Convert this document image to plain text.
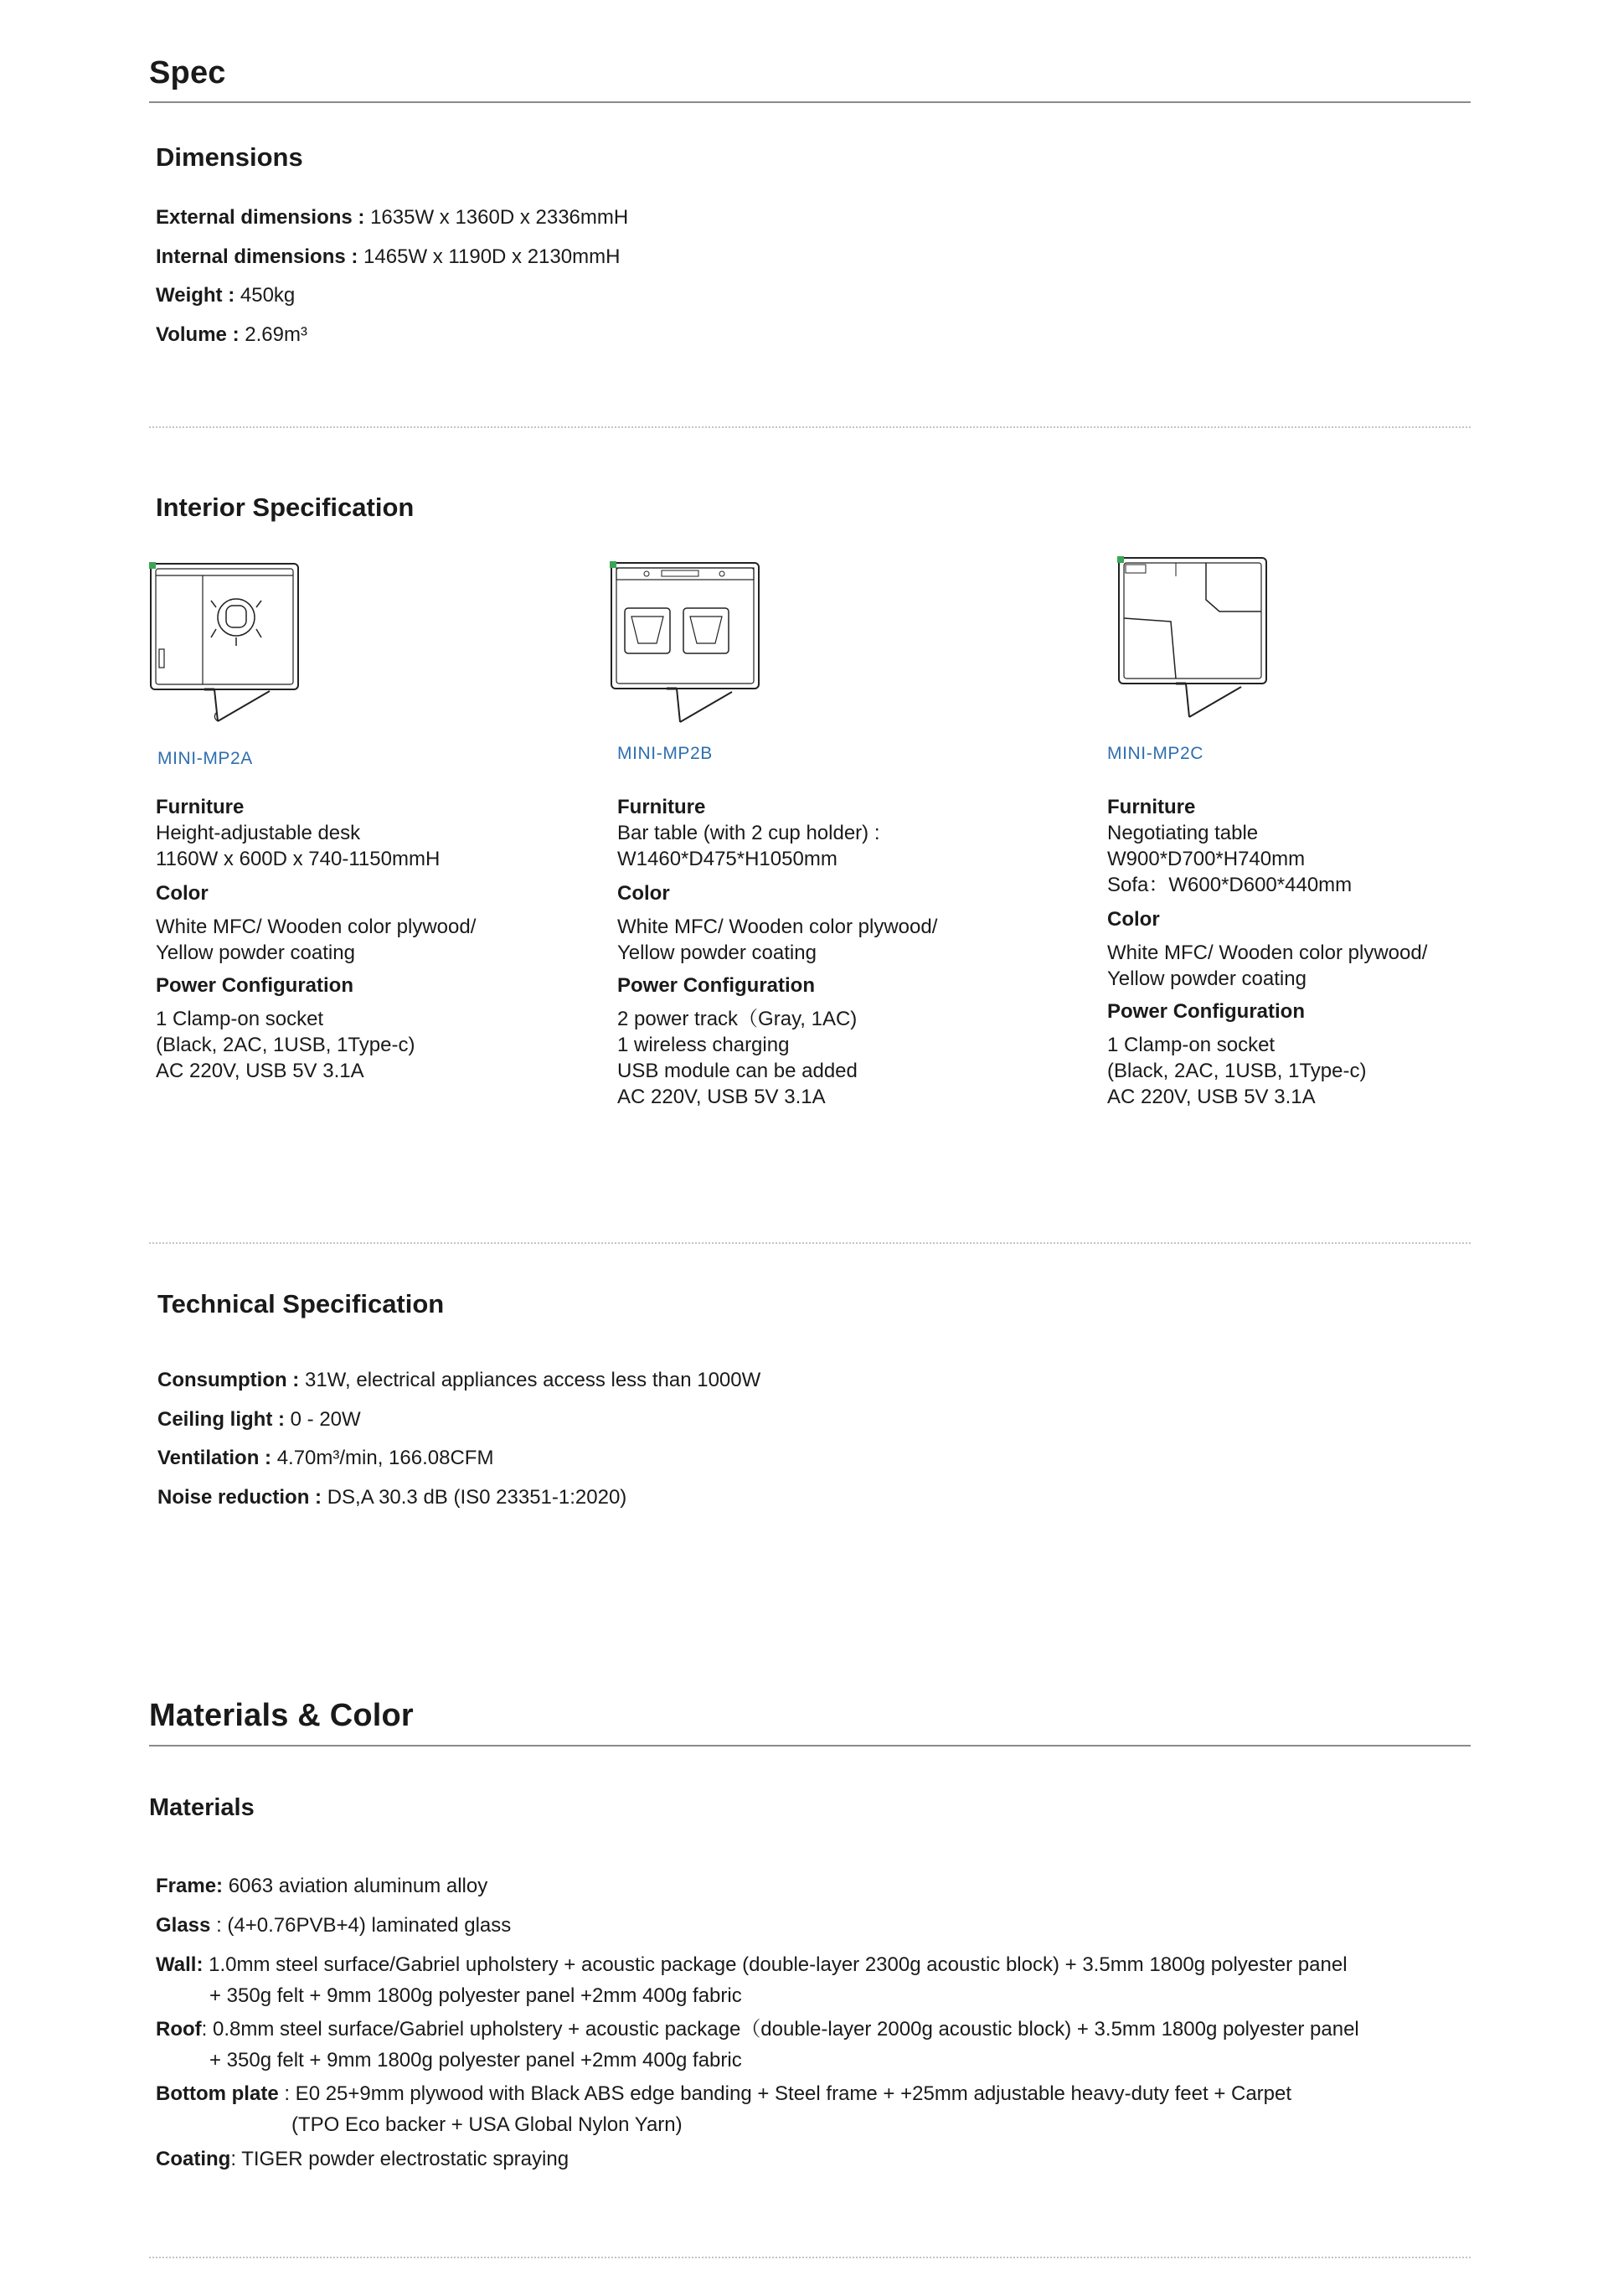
Spec
Dimensions
External dimensions : 1635W x 1360D x 2336mmH
Internal dimensions : 1465W x 1190D x 2130mmH
Weight : 450kg
Volume : 2.69m³
Interior Specification
MINI-MP2A	MINI-MP2B	MINI-MP2C
Furniture
Height-adjustable desk
1160W x 600D x 740-1150mmH
Color
White MFC/ Wooden color plywood/
Yellow powder coating
Power Configuration
1 Clamp-on socket
(Black, 2AC, 1USB, 1Type-c)
AC 220V, USB 5V 3.1A
Furniture
Bar table (with 2 cup holder) :
W1460*D475*H1050mm
Color
White MFC/ Wooden color plywood/
Yellow powder coating
Power Configuration
2 power track（Gray, 1AC)
1 wireless charging
USB module can be added
AC 220V, USB 5V 3.1A
Furniture
Negotiating table
W900*D700*H740mm
Sofa：W600*D600*440mm
Color
White MFC/ Wooden color plywood/
Yellow powder coating
Power Configuration
1 Clamp-on socket
(Black, 2AC, 1USB, 1Type-c)
AC 220V, USB 5V 3.1A
Technical Specification
Consumption : 31W, electrical appliances access less than 1000W
Ceiling light : 0 - 20W
Ventilation : 4.70m³/min, 166.08CFM
Noise reduction : DS,A 30.3 dB (IS0 23351-1:2020)
Materials & Color
Materials
Frame: 6063 aviation aluminum alloy
Glass : (4+0.76PVB+4) laminated glass
Wall: 1.0mm steel surface/Gabriel upholstery + acoustic package (double-layer 2300g acoustic block) + 3.5mm 1800g polyester panel
+ 350g felt + 9mm 1800g polyester panel +2mm 400g fabric
Roof: 0.8mm steel surface/Gabriel upholstery + acoustic package（double-layer 2000g acoustic block) + 3.5mm 1800g polyester panel
+ 350g felt + 9mm 1800g polyester panel +2mm 400g fabric
Bottom plate : E0 25+9mm plywood with Black ABS edge banding + Steel frame + +25mm adjustable heavy-duty feet + Carpet
(TPO Eco backer + USA Global Nylon Yarn)
Coating: TIGER powder electrostatic spraying
